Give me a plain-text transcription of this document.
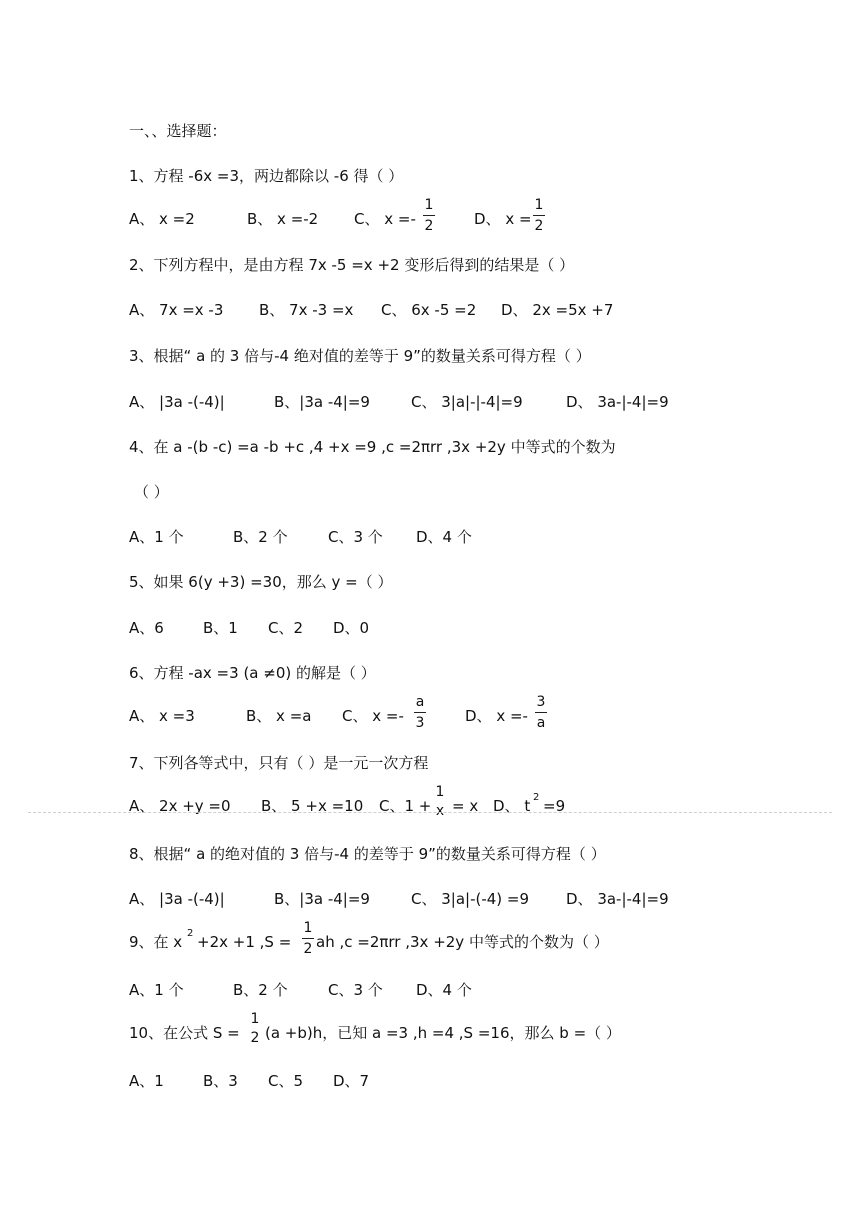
一、、选择题：
1、方程 -6x =3，两边都除以 -6 得（ ）
A、 x =2	B、 x =-2 C、 x =-
1
2	D、 x =
1
2
2、下列方程中，是由方程 7x -5 =x +2 变形后得到的结果是（ ）
A、 7x =x -3 B、 7x -3 =x C、 6x -5 =2 D、 2x =5x +7
3、根据“ a 的 3 倍与-4 绝对值的差等于 9”的数量关系可得方程（ ）
A、 |3a -(-4)|	B、|3a -4|=9	C、 3|a|-|-4|=9	D、 3a-|-4|=9
4、在 a -(b -c) =a -b +c ,4 +x =9 ,c =2πrr ,3x +2y 中等式的个数为
（ ）
A、1 个	B、2 个	C、3 个 D、4 个
5、如果 6(y +3) =30，那么 y =（ ）
A、6	B、1 C、2 D、0
6、方程 -ax =3 (a ≠0) 的解是（ ）
A、 x =3	B、 x =a C、 x =-
a
3	D、 x =-
3
a
7、下列各等式中，只有（ ）是一元一次方程
A、 2x +y =0 B、 5 +x =10 C、1 +
1
x = x D、 t 2 =9
8、根据“ a 的绝对值的 3 倍与-4 的差等于 9”的数量关系可得方程（ ）
A、 |3a -(-4)|	B、|3a -4|=9	C、 3|a|-(-4) =9 D、 3a-|-4|=9
9、在 x 2 +2x +1 ,S =
1
2 ah ,c =2πrr ,3x +2y 中等式的个数为（ ）
A、1 个	B、2 个	C、3 个 D、4 个
10、在公式 S =
1
2 (a +b)h，已知 a =3 ,h =4 ,S =16，那么 b =（ ）
A、1	B、3 C、5 D、7
